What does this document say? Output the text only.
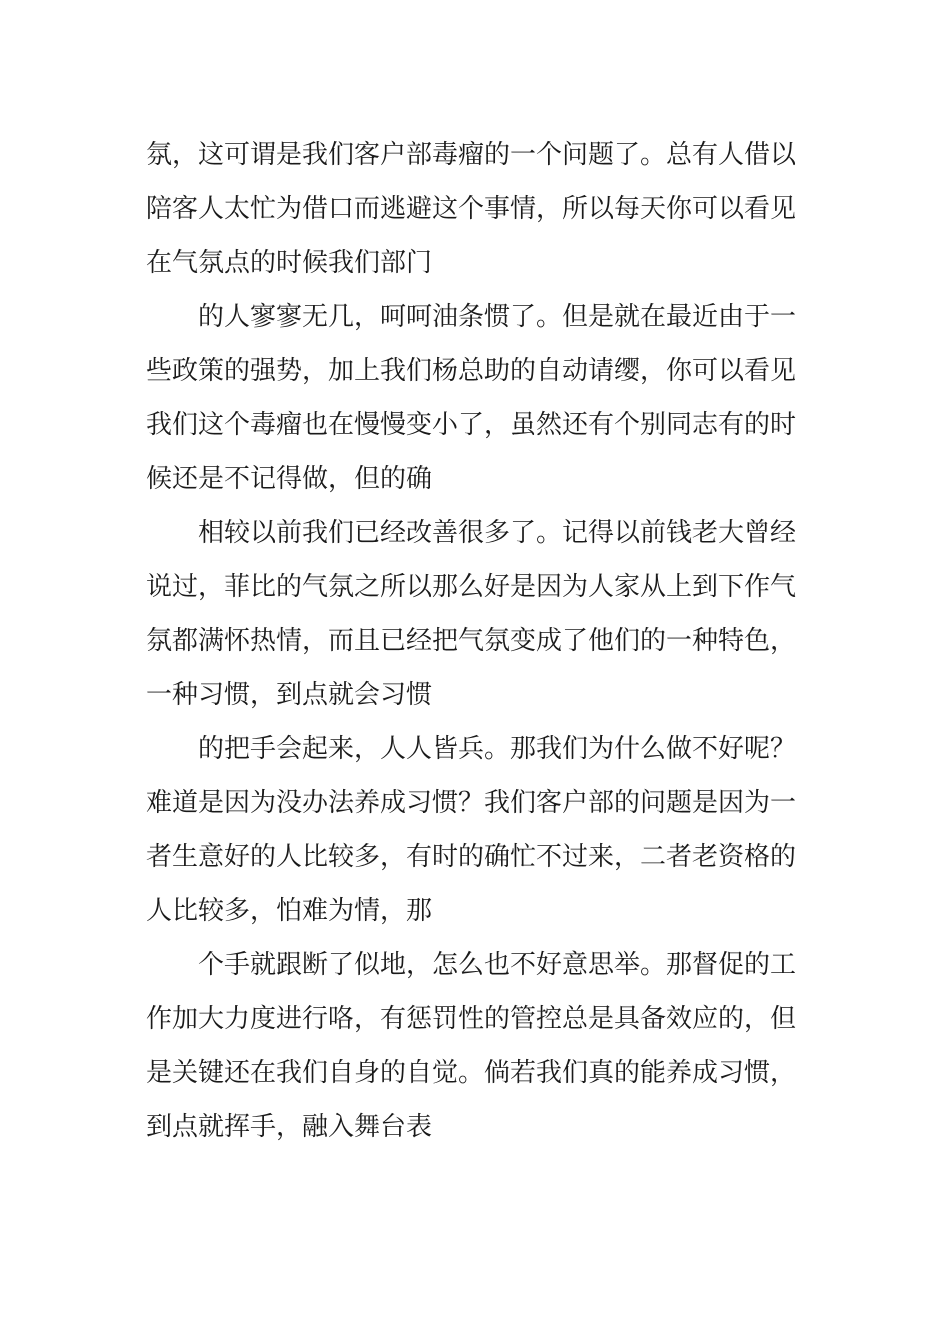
氛，这可谓是我们客户部毒瘤的一个问题了。总有人借以
陪客人太忙为借口而逃避这个事情，所以每天你可以看见
在气氛点的时候我们部门
的人寥寥无几，呵呵油条惯了。但是就在最近由于一
些政策的强势，加上我们杨总助的自动请缨，你可以看见
我们这个毒瘤也在慢慢变小了，虽然还有个别同志有的时
候还是不记得做，但的确
相较以前我们已经改善很多了。记得以前钱老大曾经
说过，菲比的气氛之所以那么好是因为人家从上到下作气
氛都满怀热情，而且已经把气氛变成了他们的一种特色，
一种习惯，到点就会习惯
的把手会起来，人人皆兵。那我们为什么做不好呢？
难道是因为没办法养成习惯？我们客户部的问题是因为一
者生意好的人比较多，有时的确忙不过来，二者老资格的
人比较多，怕难为情，那
个手就跟断了似地，怎么也不好意思举。那督促的工
作加大力度进行咯，有惩罚性的管控总是具备效应的，但
是关键还在我们自身的自觉。倘若我们真的能养成习惯，
到点就挥手，融入舞台表
